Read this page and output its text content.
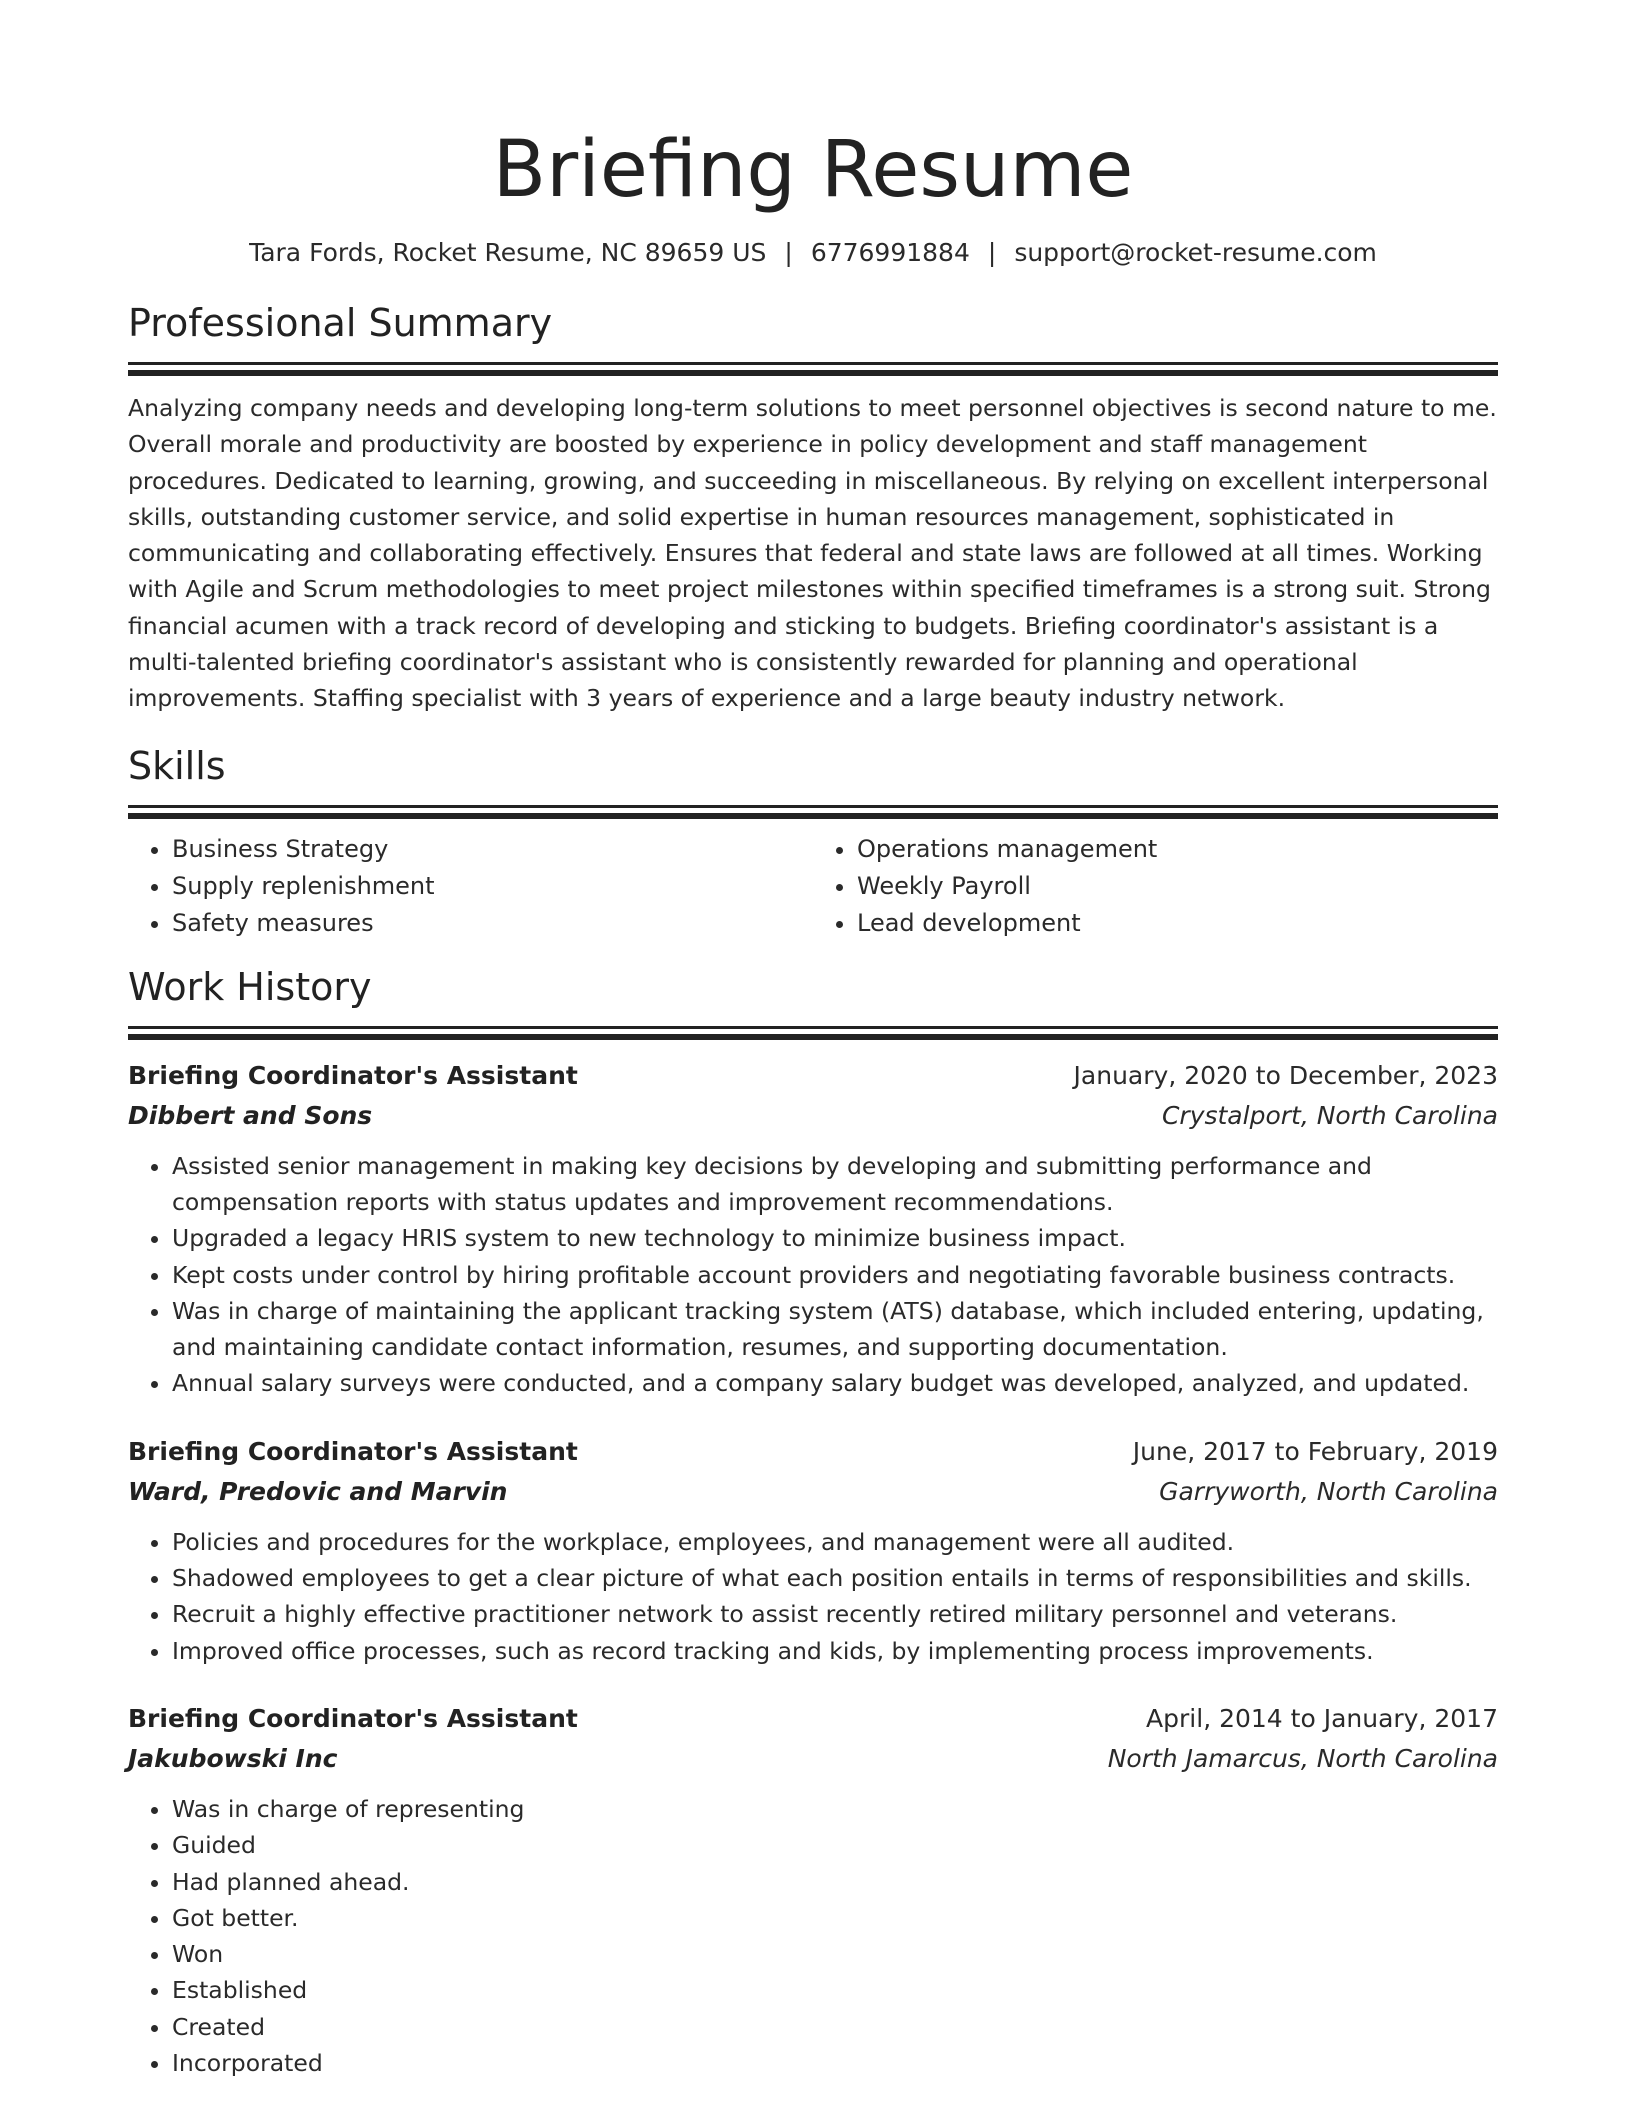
Briefing Resume
Tara Fords, Rocket Resume, NC 89659 US | 6776991884 | support@rocket-resume.com
Professional Summary

Analyzing company needs and developing long-term solutions to meet personnel objectives is second nature to me. Overall morale and productivity are boosted by experience in policy development and staff management procedures. Dedicated to learning, growing, and succeeding in miscellaneous. By relying on excellent interpersonal skills, outstanding customer service, and solid expertise in human resources management, sophisticated in communicating and collaborating effectively. Ensures that federal and state laws are followed at all times. Working with Agile and Scrum methodologies to meet project milestones within specified timeframes is a strong suit. Strong financial acumen with a track record of developing and sticking to budgets. Briefing coordinator's assistant is a multi-talented briefing coordinator's assistant who is consistently rewarded for planning and operational improvements. Staffing specialist with 3 years of experience and a large beauty industry network.

Skills
• Business Strategy
• Supply replenishment
• Safety measures
• Operations management
• Weekly Payroll
• Lead development
Work History
Briefing Coordinator's Assistant	January, 2020 to December, 2023
Dibbert and Sons	Crystalport, North Carolina
• Assisted senior management in making key decisions by developing and submitting performance and compensation reports with status updates and improvement recommendations.
• Upgraded a legacy HRIS system to new technology to minimize business impact.
• Kept costs under control by hiring profitable account providers and negotiating favorable business contracts.
• Was in charge of maintaining the applicant tracking system (ATS) database, which included entering, updating, and maintaining candidate contact information, resumes, and supporting documentation.
• Annual salary surveys were conducted, and a company salary budget was developed, analyzed, and updated.
Briefing Coordinator's Assistant	June, 2017 to February, 2019
Ward, Predovic and Marvin	Garryworth, North Carolina
• Policies and procedures for the workplace, employees, and management were all audited.
• Shadowed employees to get a clear picture of what each position entails in terms of responsibilities and skills.
• Recruit a highly effective practitioner network to assist recently retired military personnel and veterans.
• Improved office processes, such as record tracking and kids, by implementing process improvements.
Briefing Coordinator's Assistant	April, 2014 to January, 2017
Jakubowski Inc	North Jamarcus, North Carolina
• Was in charge of representing
• Guided
• Had planned ahead.
• Got better.
• Won
• Established
• Created
• Incorporated
